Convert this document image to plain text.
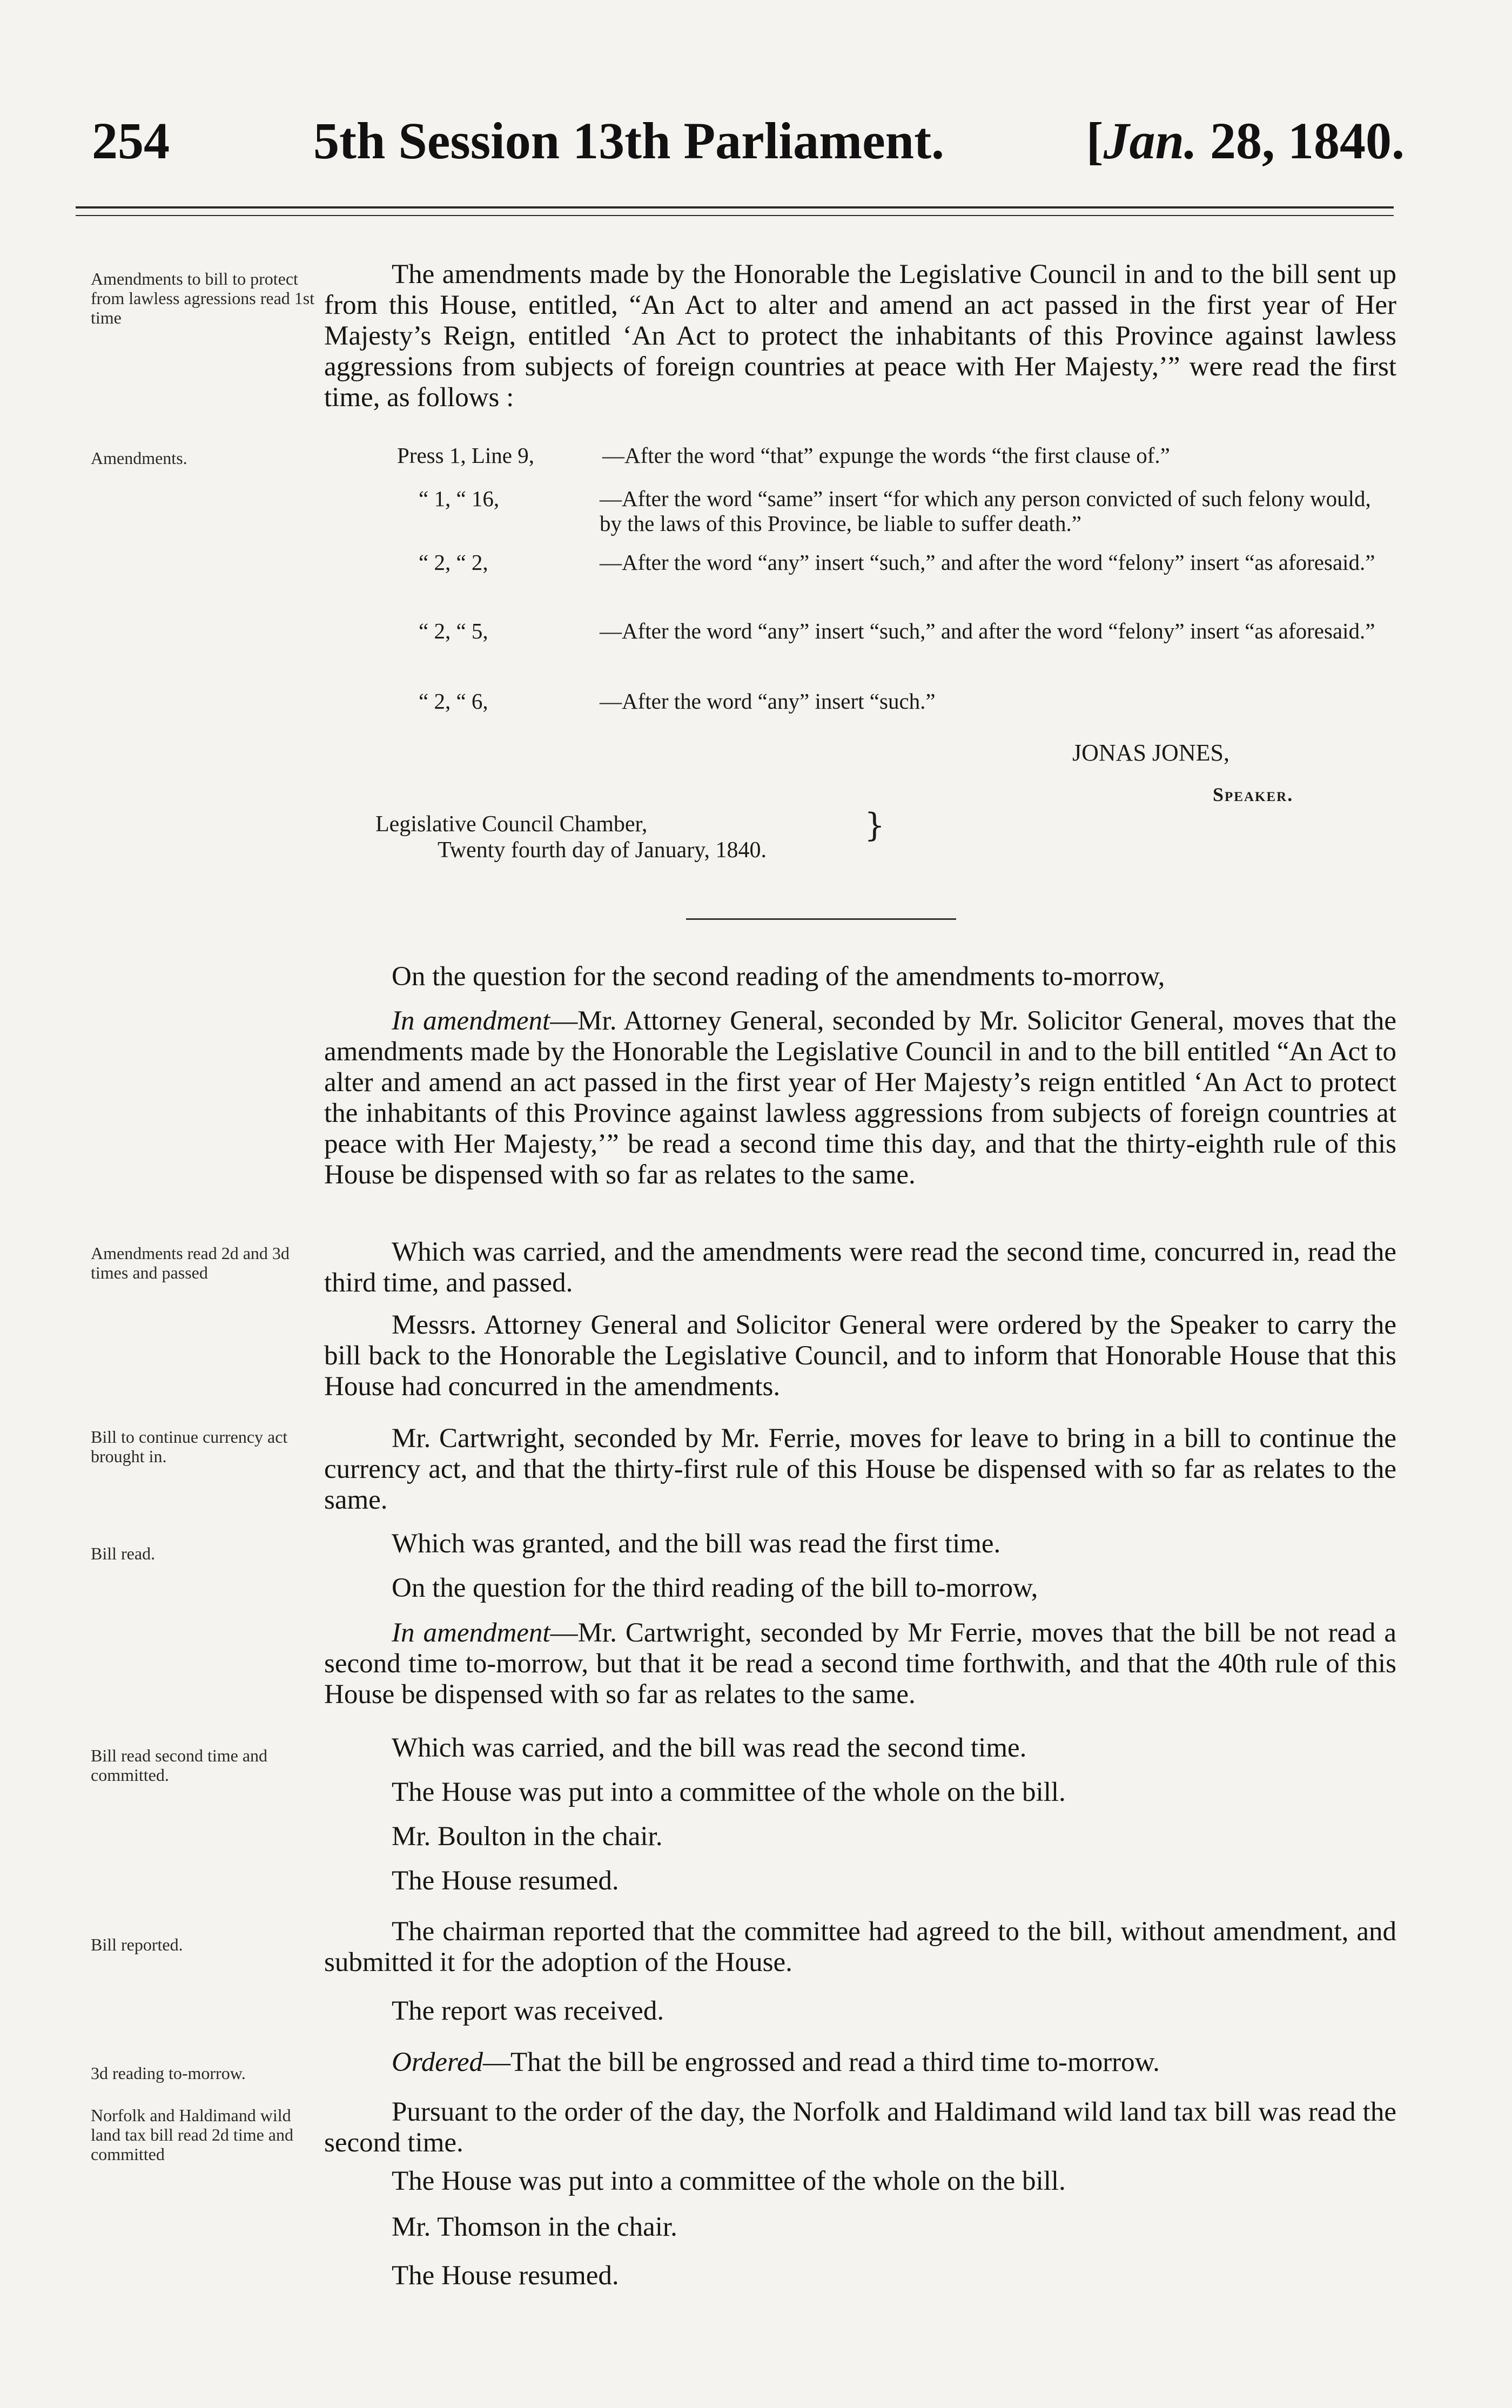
254	5th Session 13th Parliament.	[Jan. 28, 1840.
Amendments to bill to protect from lawless agressions read 1st time
Amendments.
Amendments read 2d and 3d times and passed
Bill to continue currency act brought in.
Bill read.
Bill read second time and committed.
Bill reported.
3d reading to-morrow.
Norfolk and Haldimand wild land tax bill read 2d time and committed
The amendments made by the Honorable the Legislative Council in and to the bill sent up from this House, entitled, “An Act to alter and amend an act passed in the first year of Her Majesty’s Reign, entitled ‘An Act to protect the inhabitants of this Province against lawless aggressions from subjects of foreign countries at peace with Her Majesty,’” were read the first time, as follows :
Press 1, Line 9,	—After the word “that” expunge the words “the first clause of.”
“ 1, “ 16,	—After the word “same” insert “for which any person convicted of such felony would, by the laws of this Province, be liable to suffer death.”
“ 2, “ 2,	—After the word “any” insert “such,” and after the word “felony” insert “as aforesaid.”
“ 2, “ 5,	—After the word “any” insert “such,” and after the word “felony” insert “as aforesaid.”
“ 2, “ 6,	—After the word “any” insert “such.”
JONAS JONES,
Speaker.
Legislative Council Chamber,
Twenty fourth day of January, 1840.
}
On the question for the second reading of the amendments to-morrow,
In amendment—Mr. Attorney General, seconded by Mr. Solicitor General, moves that the amendments made by the Honorable the Legislative Council in and to the bill entitled “An Act to alter and amend an act passed in the first year of Her Majesty’s reign entitled ‘An Act to protect the inhabitants of this Province against lawless aggressions from subjects of foreign countries at peace with Her Majesty,’” be read a second time this day, and that the thirty-eighth rule of this House be dispensed with so far as relates to the same.
Which was carried, and the amendments were read the second time, concurred in, read the third time, and passed.
Messrs. Attorney General and Solicitor General were ordered by the Speaker to carry the bill back to the Honorable the Legislative Council, and to inform that Honorable House that this House had concurred in the amendments.
Mr. Cartwright, seconded by Mr. Ferrie, moves for leave to bring in a bill to continue the currency act, and that the thirty-first rule of this House be dispensed with so far as relates to the same.
Which was granted, and the bill was read the first time.
On the question for the third reading of the bill to-morrow,
In amendment—Mr. Cartwright, seconded by Mr Ferrie, moves that the bill be not read a second time to-morrow, but that it be read a second time forthwith, and that the 40th rule of this House be dispensed with so far as relates to the same.
Which was carried, and the bill was read the second time.
The House was put into a committee of the whole on the bill.
Mr. Boulton in the chair.
The House resumed.
The chairman reported that the committee had agreed to the bill, without amendment, and submitted it for the adoption of the House.
The report was received.
Ordered—That the bill be engrossed and read a third time to-morrow.
Pursuant to the order of the day, the Norfolk and Haldimand wild land tax bill was read the second time.
The House was put into a committee of the whole on the bill.
Mr. Thomson in the chair.
The House resumed.
